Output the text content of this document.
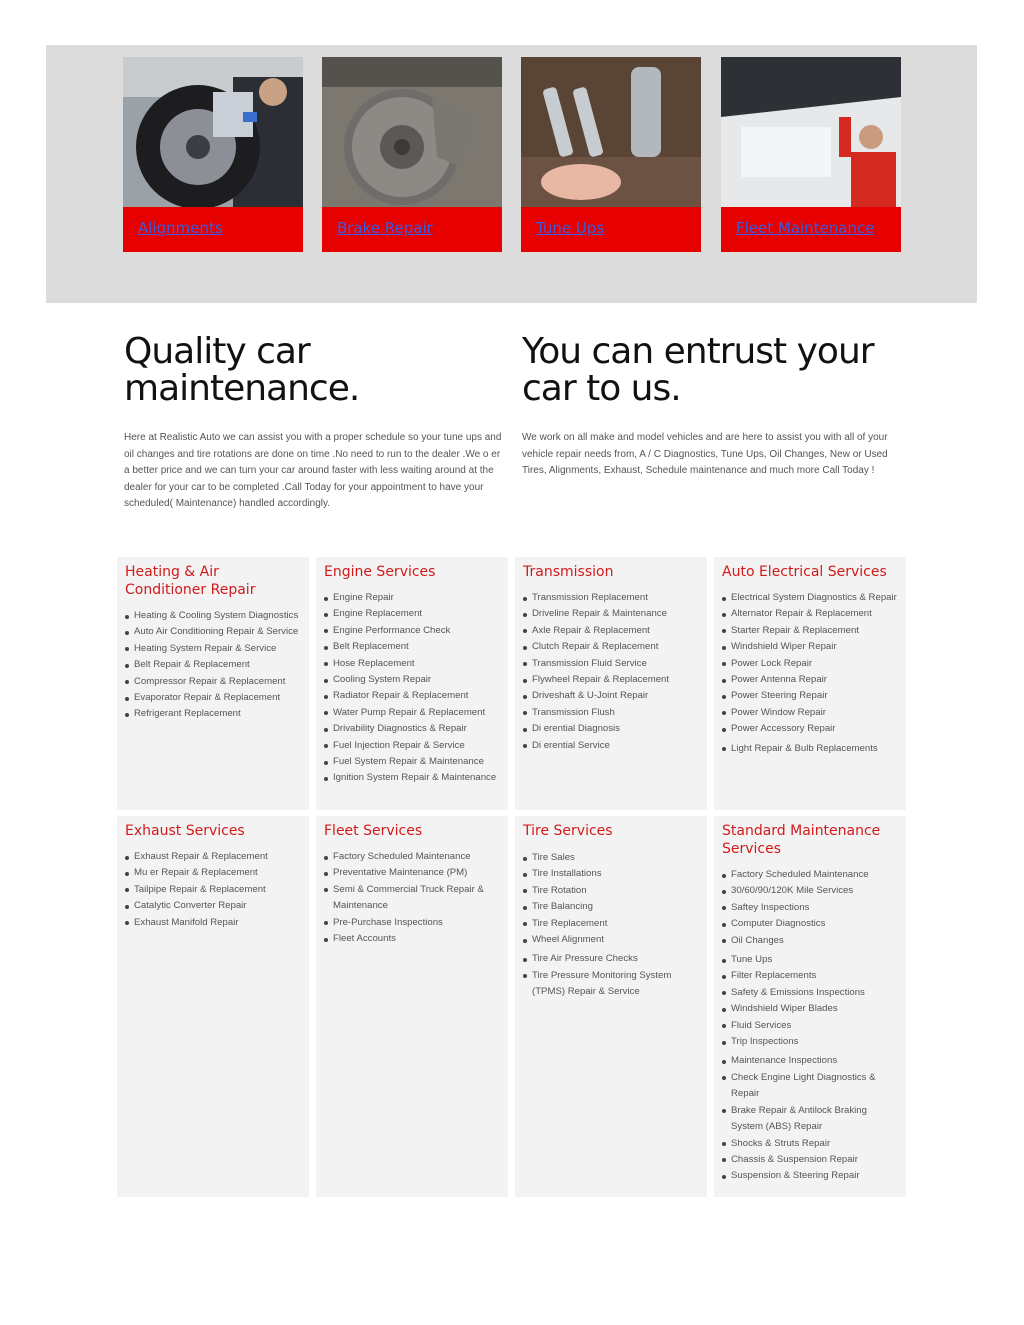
Alignments	Brake Repair	Tune Ups	Fleet Maintenance
Quality car
maintenance.
You can entrust your
car to us.

Here at Realistic Auto we can assist you with a proper schedule so your tune ups and oil changes and tire rotations are done on time .No need to run to the dealer .We o er a better price and we can turn your car around faster with less waiting around at the dealer for your car to be completed .Call Today for your appointment to have your scheduled( Maintenance) handled accordingly.

We work on all make and model vehicles and are here to assist you with all of your vehicle repair needs from, A / C Diagnostics, Tune Ups, Oil Changes, New or Used Tires, Alignments, Exhaust, Schedule maintenance and much more Call Today !

Heating & Air Conditioner Repair
Heating & Cooling System Diagnostics
Auto Air Conditioning Repair & Service
Heating System Repair & Service
Belt Repair & Replacement
Compressor Repair & Replacement
Evaporator Repair & Replacement
Refrigerant Replacement
Engine Services
Engine Repair
Engine Replacement
Engine Performance Check
Belt Replacement
Hose Replacement
Cooling System Repair
Radiator Repair & Replacement
Water Pump Repair & Replacement
Drivability Diagnostics & Repair
Fuel Injection Repair & Service
Fuel System Repair & Maintenance
Ignition System Repair & Maintenance
Transmission
Transmission Replacement
Driveline Repair & Maintenance
Axle Repair & Replacement
Clutch Repair & Replacement
Transmission Fluid Service
Flywheel Repair & Replacement
Driveshaft & U-Joint Repair
Transmission Flush
Di erential Diagnosis
Di erential Service
Auto Electrical Services
Electrical System Diagnostics & Repair
Alternator Repair & Replacement
Starter Repair & Replacement
Windshield Wiper Repair
Power Lock Repair
Power Antenna Repair
Power Steering Repair
Power Window Repair
Power Accessory Repair
Light Repair & Bulb Replacements
Exhaust Services
Exhaust Repair & Replacement
Mu er Repair & Replacement
Tailpipe Repair & Replacement
Catalytic Converter Repair
Exhaust Manifold Repair
Fleet Services
Factory Scheduled Maintenance
Preventative Maintenance (PM)
Semi & Commercial Truck Repair & Maintenance
Pre-Purchase Inspections
Fleet Accounts
Tire Services
Tire Sales
Tire Installations
Tire Rotation
Tire Balancing
Tire Replacement
Wheel Alignment
Tire Air Pressure Checks
Tire Pressure Monitoring System (TPMS) Repair & Service
Standard Maintenance Services
Factory Scheduled Maintenance
30/60/90/120K Mile Services
Saftey Inspections
Computer Diagnostics
Oil Changes
Tune Ups
Filter Replacements
Safety & Emissions Inspections
Windshield Wiper Blades
Fluid Services
Trip Inspections
Maintenance Inspections
Check Engine Light Diagnostics & Repair
Brake Repair & Antilock Braking System (ABS) Repair
Shocks & Struts Repair
Chassis & Suspension Repair
Suspension & Steering Repair
